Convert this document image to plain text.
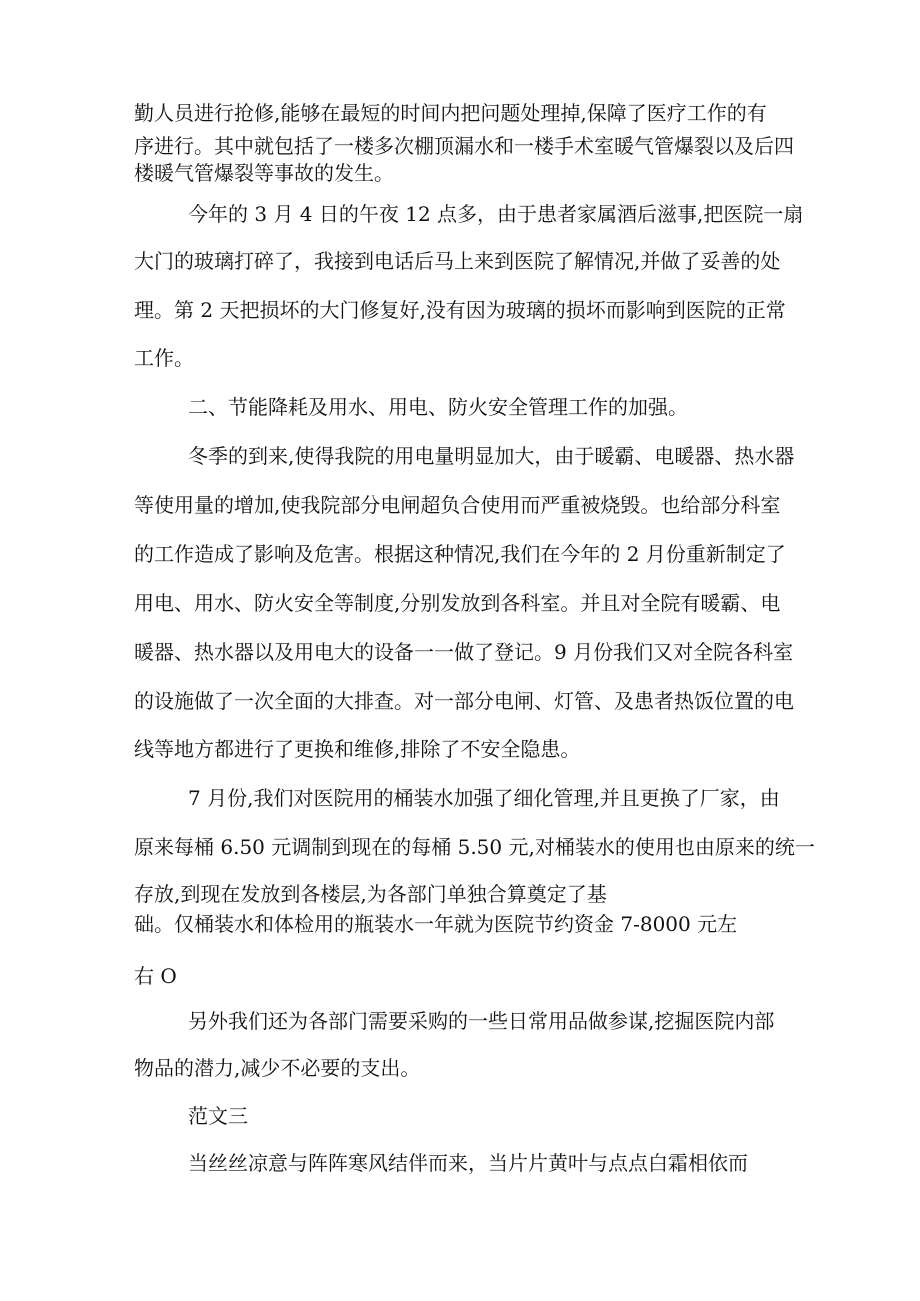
勤人员进行抢修,能够在最短的时间内把问题处理掉,保障了医疗工作的有
序进行。其中就包括了一楼多次棚顶漏水和一楼手术室暖气管爆裂以及后四
楼暖气管爆裂等事故的发生。
今年的 3 月 4 日的午夜 12 点多，由于患者家属酒后滋事,把医院一扇
大门的玻璃打碎了，我接到电话后马上来到医院了解情况,并做了妥善的处
理。第 2 天把损坏的大门修复好,没有因为玻璃的损坏而影响到医院的正常
工作。
二、节能降耗及用水、用电、防火安全管理工作的加强。
冬季的到来,使得我院的用电量明显加大，由于暖霸、电暖器、热水器
等使用量的增加,使我院部分电闸超负合使用而严重被烧毁。也给部分科室
的工作造成了影响及危害。根据这种情况,我们在今年的 2 月份重新制定了
用电、用水、防火安全等制度,分别发放到各科室。并且对全院有暖霸、电
暖器、热水器以及用电大的设备一一做了登记。9 月份我们又对全院各科室
的设施做了一次全面的大排查。对一部分电闸、灯管、及患者热饭位置的电
线等地方都进行了更换和维修,排除了不安全隐患。
7 月份,我们对医院用的桶装水加强了细化管理,并且更换了厂家，由
原来每桶 6.50 元调制到现在的每桶 5.50 元,对桶装水的使用也由原来的统一
存放,到现在发放到各楼层,为各部门单独合算奠定了基
础。仅桶装水和体检用的瓶装水一年就为医院节约资金 7-8000 元左
右 O
另外我们还为各部门需要采购的一些日常用品做参谋,挖掘医院内部
物品的潜力,减少不必要的支出。
范文三
当丝丝凉意与阵阵寒风结伴而来，当片片黄叶与点点白霜相依而
